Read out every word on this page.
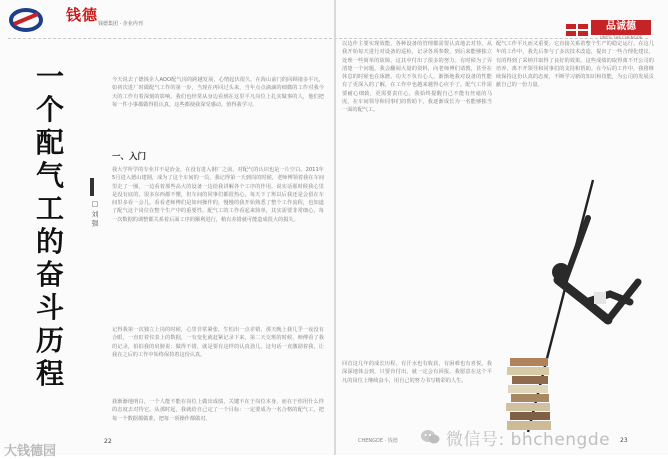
钱德 钱德集团 · 企业内刊
一
个
配
气
工
的
奋
斗
历
程
□ 刘 强
今天说去了德钱企人AOO配气岗的跨越发展，心情起伏很久。在海山前门的回顾诸多平凡，如初次进厂时做配气工作的第一步，当现在再回过头来，当年点点滴滴的细微的工作对我今天的工作有着深刻的影响。我们也经常从身边看到在这里平凡岗位上扎实做事的人，他们把每一件小事都做得很认真，这些都使我深受感动，值得我学习。
一、入门
我大学所学的专业并不是冶金，在没有进入钢厂之前，对配气的认识也是一片空白。2011年5月进入德山建钢，成为了这个车间的一员，我记得第一天到岗的时候，老师傅领着我在车间里走了一圈，一边看着那些高大的设备一边给我讲解各个工序的作用。说实话那时候我心里是没有底的，很多东西都不懂，但车间的同事们都很热心，每天下了班以后我还是会留在车间里多看一会儿，看看老师傅们是如何操作的，慢慢的我开始熟悉了整个工作流程，也知道了配气这个岗位在整个生产中的重要性。配气工的工作看起来简单，其实需要非常细心，每一次数据的调整都关系着后面工序的顺利进行，稍有差错就可能造成很大的损失。
记得我第一次独立上岗的时候，心里非常紧张，生怕出一点差错，那天晚上我几乎一夜没有合眼，一直盯着仪表上的数据，一有变化就赶紧记录下来，第二天交班的时候，师傅看了我的记录，拍拍我的肩膀说：做得不错，就是要有这样的认真劲儿。这句话一直激励着我，让我在之后的工作中始终保持着这份认真。
我渐渐地明白，一个人能不能在岗位上做出成绩，关键不在于岗位本身，而在于你用什么样的态度去对待它。从那时起，我就给自己定了一个目标：一定要成为一名合格的配气工，把每一个数据都做准，把每一项操作都做对。
大钱德园
22
品诚德
UNITE THE CHENGDE
以边作主要实现效能，各种设备的管理都需要认真地去对待。从我开始每天进行对设备的巡检，记录各项参数，到后来能够独立处理一些简单的故障，这其中付出了很多的努力。有时候为了弄清楚一个问题，我会翻阅大量的资料，向老师傅们请教，甚至在休息的时候也在琢磨。功夫不负有心人，渐渐地我对设备的性能有了更深入的了解，在工作中也越来越得心应手了。配气工作需要耐心细致，更需要责任心，我始终提醒自己不能有丝毫的马虎。在车间领导和同事们的帮助下，我逐渐成长为一名能够独当一面的配气工。
配气工作平凡而又重要，它直接关系着整个生产的稳定运行。在这几年的工作中，我先后参与了多次技术改造，提出了一些合理化建议，有的得到了采纳并取得了良好的效果。这些成绩的取得离不开公司的培养，离不开领导和同事们的支持和帮助。在今后的工作中，我将继续保持这份认真的态度，不断学习新的知识和技能，为公司的发展贡献自己的一份力量。
回首这几年的成长历程，有汗水也有收获，有困难也有喜悦。我深深地体会到，只要肯付出，就一定会有回报。我愿意在这个平凡的岗位上继续奋斗，用自己的努力书写精彩的人生。
CHENGDE · 钱德	23
微信号: bhchengde
